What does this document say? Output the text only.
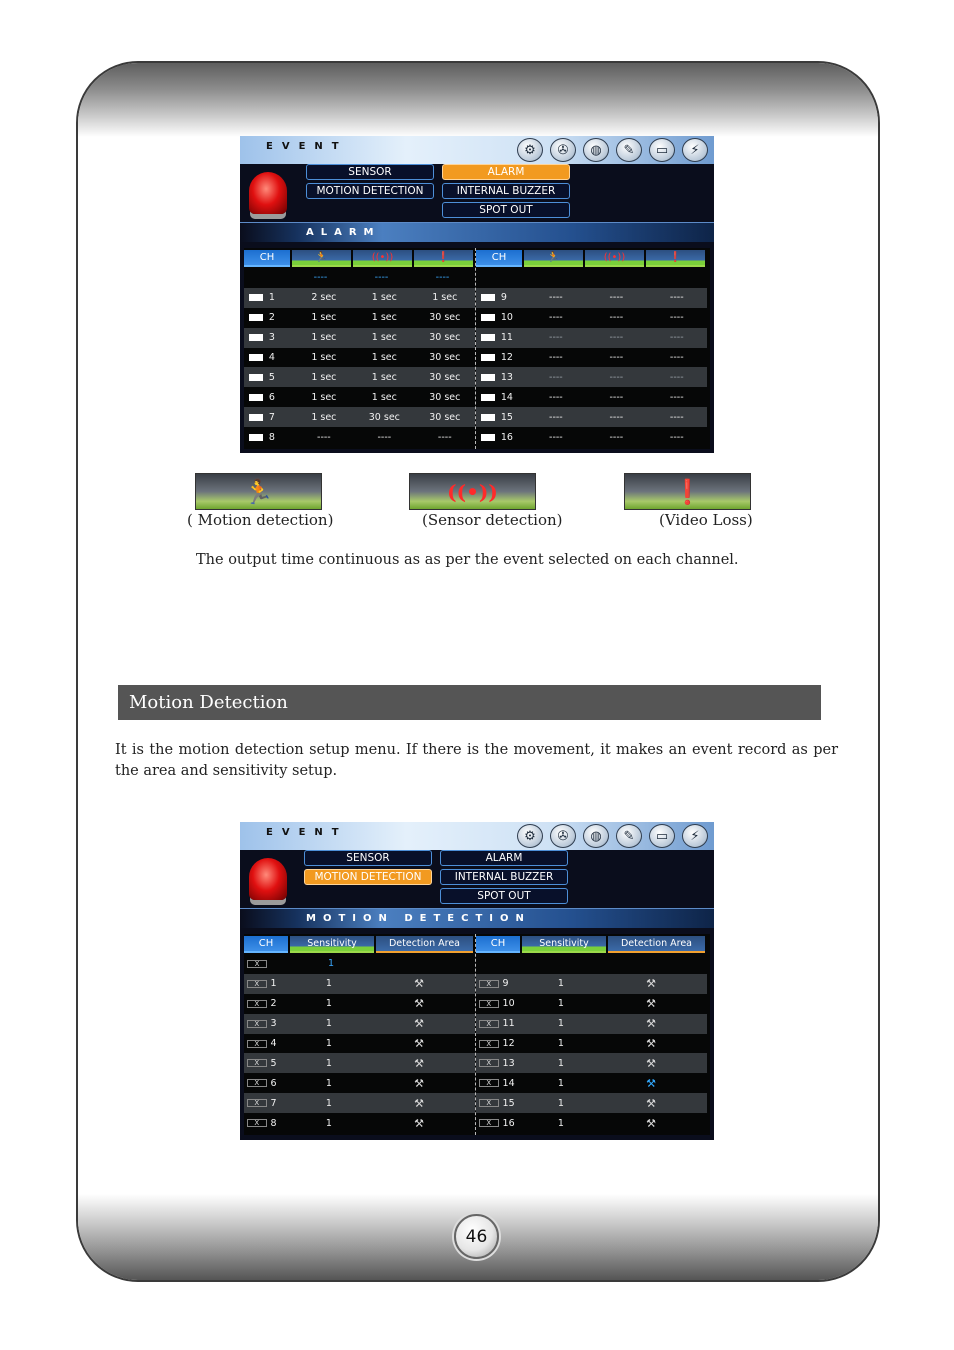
EVENT	⚙	✇	◍	✎	▭	⚡
SENSOR
MOTION DETECTION
ALARM
INTERNAL BUZZER
SPOT OUT
ALARM
CH	🏃	((•))	❗
----	----	----
1	2 sec	1 sec	1 sec
2	1 sec	1 sec	30 sec
3	1 sec	1 sec	30 sec
4	1 sec	1 sec	30 sec
5	1 sec	1 sec	30 sec
6	1 sec	1 sec	30 sec
7	1 sec	30 sec	30 sec
8	----	----	----
CH	🏃	((•))	❗
9	----	----	----
10	----	----	----
11	----	----	----
12	----	----	----
13	----	----	----
14	----	----	----
15	----	----	----
16	----	----	----
🏃	((•))	❗
( Motion detection)	(Sensor detection)	(Video Loss)
The output time continuous as as per the event selected on each channel.
Motion Detection
It is the motion detection setup menu. If there is the movement, it makes an event record as per the area and sensitivity setup.
EVENT	⚙	✇	◍	✎	▭	⚡
SENSOR
MOTION DETECTION
ALARM
INTERNAL BUZZER
SPOT OUT
MOTION DETECTION
CH	Sensitivity	Detection Area
X	1
X	1	1	⚒
X	2	1	⚒
X	3	1	⚒
X	4	1	⚒
X	5	1	⚒
X	6	1	⚒
X	7	1	⚒
X	8	1	⚒
CH	Sensitivity	Detection Area
X	9	1	⚒
X	10	1	⚒
X	11	1	⚒
X	12	1	⚒
X	13	1	⚒
X	14	1	⚒
X	15	1	⚒
X	16	1	⚒
46
